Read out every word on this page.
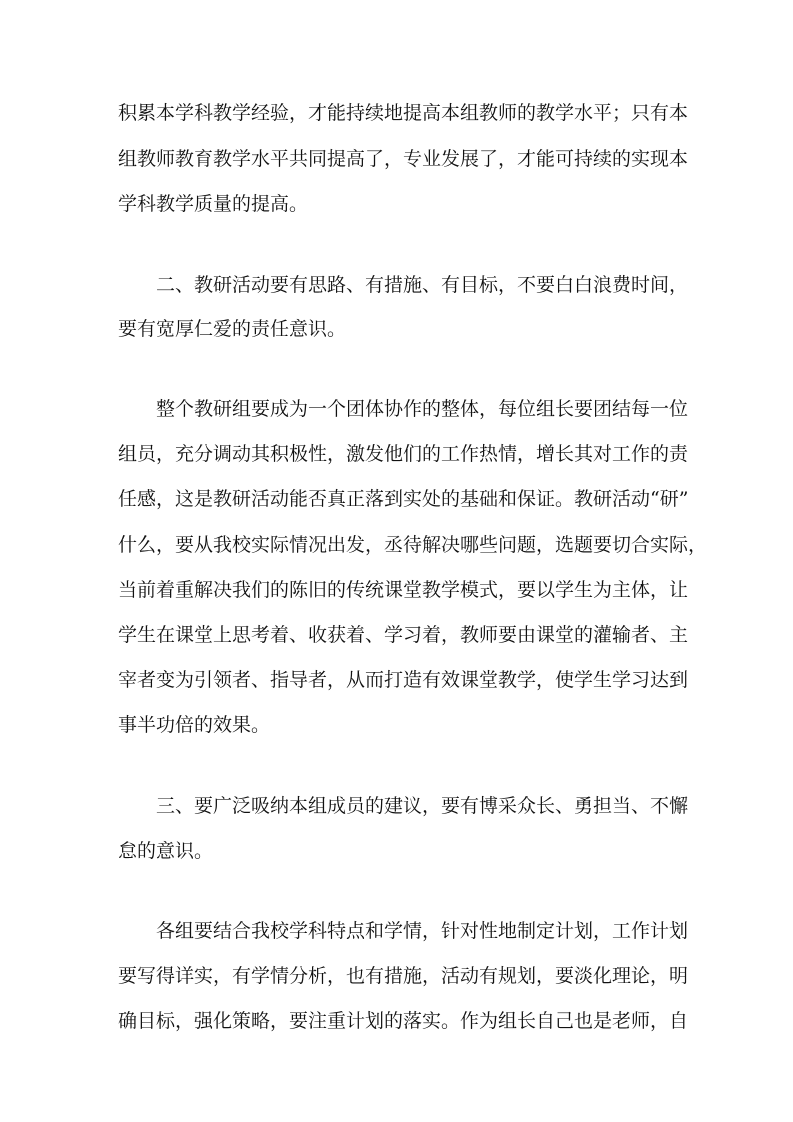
积累本学科教学经验，才能持续地提高本组教师的教学水平；只有本

组教师教育教学水平共同提高了，专业发展了，才能可持续的实现本

学科教学质量的提高。

二、教研活动要有思路、有措施、有目标，不要白白浪费时间，

要有宽厚仁爱的责任意识。

整个教研组要成为一个团体协作的整体，每位组长要团结每一位

组员，充分调动其积极性，激发他们的工作热情，增长其对工作的责

任感，这是教研活动能否真正落到实处的基础和保证。教研活动“研”

什么，要从我校实际情况出发，丞待解决哪些问题，选题要切合实际，

当前着重解决我们的陈旧的传统课堂教学模式，要以学生为主体，让

学生在课堂上思考着、收获着、学习着，教师要由课堂的灌输者、主

宰者变为引领者、指导者，从而打造有效课堂教学，使学生学习达到

事半功倍的效果。

三、要广泛吸纳本组成员的建议，要有博采众长、勇担当、不懈

怠的意识。

各组要结合我校学科特点和学情，针对性地制定计划，工作计划

要写得详实，有学情分析，也有措施，活动有规划，要淡化理论，明

确目标，强化策略，要注重计划的落实。作为组长自己也是老师，自
